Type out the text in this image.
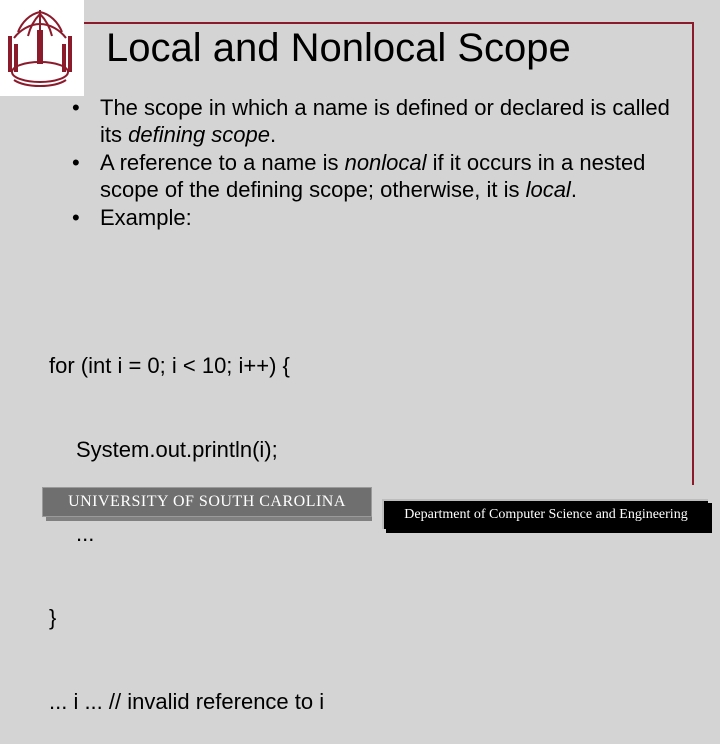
Local and Nonlocal Scope
• The scope in which a name is defined or declared is called its defining scope.
• A reference to a name is nonlocal if it occurs in a nested scope of the defining scope; otherwise, it is local.
• Example:

for (int i = 0; i < 10; i++) {

System.out.println(i);

...

}

... i ... // invalid reference to i

UNIVERSITY OF SOUTH CAROLINA
Department of Computer Science and Engineering
